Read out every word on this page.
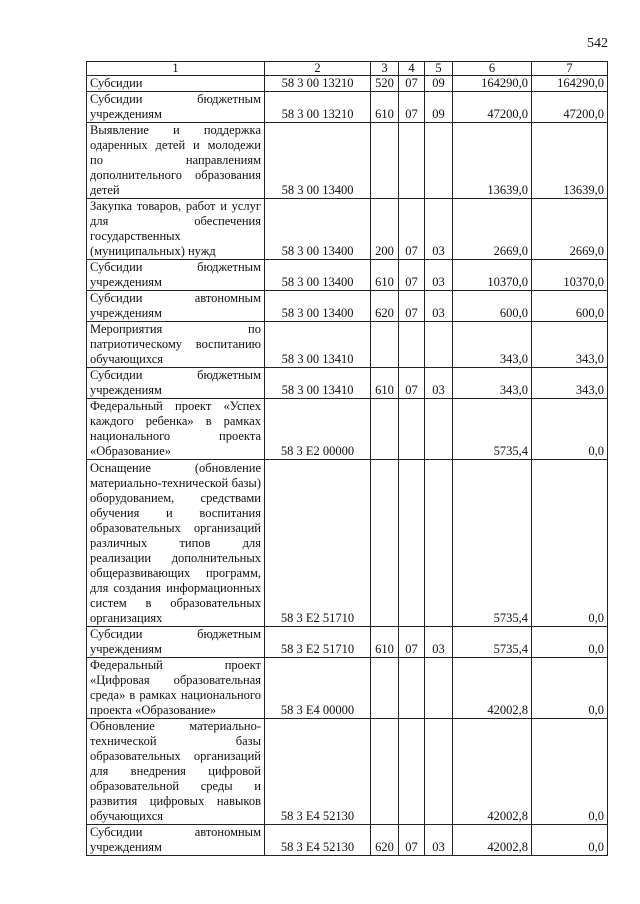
542
1	2	3	4	5	6	7
Субсидии	58 3 00 13210	520	07	09	164290,0	164290,0
Субсидии бюджетным учреждениям	58 3 00 13210	610	07	09	47200,0	47200,0
Выявление и поддержка одаренных детей и молодежи по направлениям дополнительного образования детей	58 3 00 13400				13639,0	13639,0
Закупка товаров, работ и услуг для обеспечения государственных (муниципальных) нужд	58 3 00 13400	200	07	03	2669,0	2669,0
Субсидии бюджетным учреждениям	58 3 00 13400	610	07	03	10370,0	10370,0
Субсидии автономным учреждениям	58 3 00 13400	620	07	03	600,0	600,0
Мероприятия по патриотическому воспитанию обучающихся	58 3 00 13410				343,0	343,0
Субсидии бюджетным учреждениям	58 3 00 13410	610	07	03	343,0	343,0
Федеральный проект «Успех каждого ребенка» в рамках национального проекта «Образование»	58 3 E2 00000				5735,4	0,0
Оснащение (обновление материально-технической базы) оборудованием, средствами обучения и воспитания образовательных организаций различных типов для реализации дополнительных общеразвивающих программ, для создания информационных систем в образовательных организациях	58 3 E2 51710				5735,4	0,0
Субсидии бюджетным учреждениям	58 3 E2 51710	610	07	03	5735,4	0,0
Федеральный проект «Цифровая образовательная среда» в рамках национального проекта «Образование»	58 3 E4 00000				42002,8	0,0
Обновление материально-технической базы образовательных организаций для внедрения цифровой образовательной среды и развития цифровых навыков обучающихся	58 3 E4 52130				42002,8	0,0
Субсидии автономным учреждениям	58 3 E4 52130	620	07	03	42002,8	0,0
